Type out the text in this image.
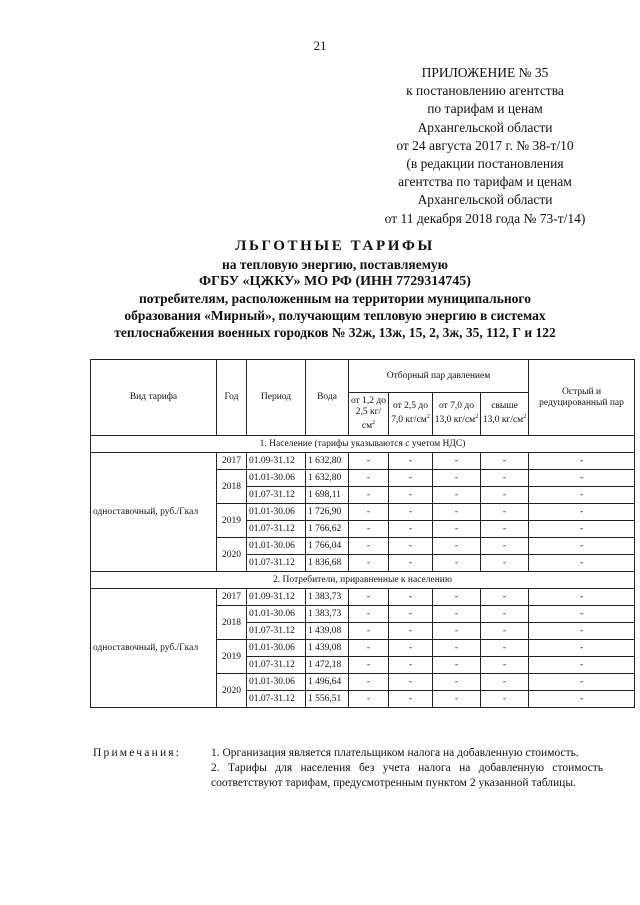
21
ПРИЛОЖЕНИЕ № 35
к постановлению агентства
по тарифам и ценам
Архангельской области
от 24 августа 2017 г. № 38-т/10
(в редакции постановления
агентства по тарифам и ценам
Архангельской области
от 11 декабря 2018 года № 73-т/14)
ЛЬГОТНЫЕ ТАРИФЫ
на тепловую энергию, поставляемую
ФГБУ «ЦЖКУ» МО РФ (ИНН 7729314745)
потребителям, расположенным на территории муниципального
образования «Мирный», получающим тепловую энергию в системах
теплоснабжения военных городков № 32ж, 13ж, 15, 2, 3ж, 35, 112, Г и 122
Вид тарифа	Год	Период	Вода	Отборный пар давлением				Острый и редуцированный пар
				от 1,2 до 2,5 $кг/см^2$	от 2,5 до 7,0 $кг/см^2$	от 7,0 до 13,0 $кг/см^2$	свыше 13,0 $кг/см^2$
1. Население (тарифы указываются с учетом НДС)								
одноставочный, руб./Гкал	2017	01.09-31.12	1 632,80	-	-	-	-	-
	2018	01.01-30.06	1 632,80	-	-	-	-	-
		01.07-31.12	1 698,11	-	-	-	-	-
	2019	01.01-30.06	1 726,90	-	-	-	-	-
		01.07-31.12	1 766,62	-	-	-	-	-
	2020	01.01-30.06	1 766,04	-	-	-	-	-
		01.07-31.12	1 836,68	-	-	-	-	-
2. Потребители, приравненные к населению								
одноставочный, руб./Гкал	2017	01.09-31.12	1 383,73	-	-	-	-	-
	2018	01.01-30.06	1 383,73	-	-	-	-	-
		01.07-31.12	1 439,08	-	-	-	-	-
	2019	01.01-30.06	1 439,08	-	-	-	-	-
		01.07-31.12	1 472,18	-	-	-	-	-
	2020	01.01-30.06	1 496,64	-	-	-	-	-
		01.07-31.12	1 556,51	-	-	-	-	-
Примечания:	1. Организация является плательщиком налога на добавленную стоимость.
2. Тарифы для населения без учета налога на добавленную стоимость соответствуют тарифам, предусмотренным пунктом 2 указанной таблицы.
